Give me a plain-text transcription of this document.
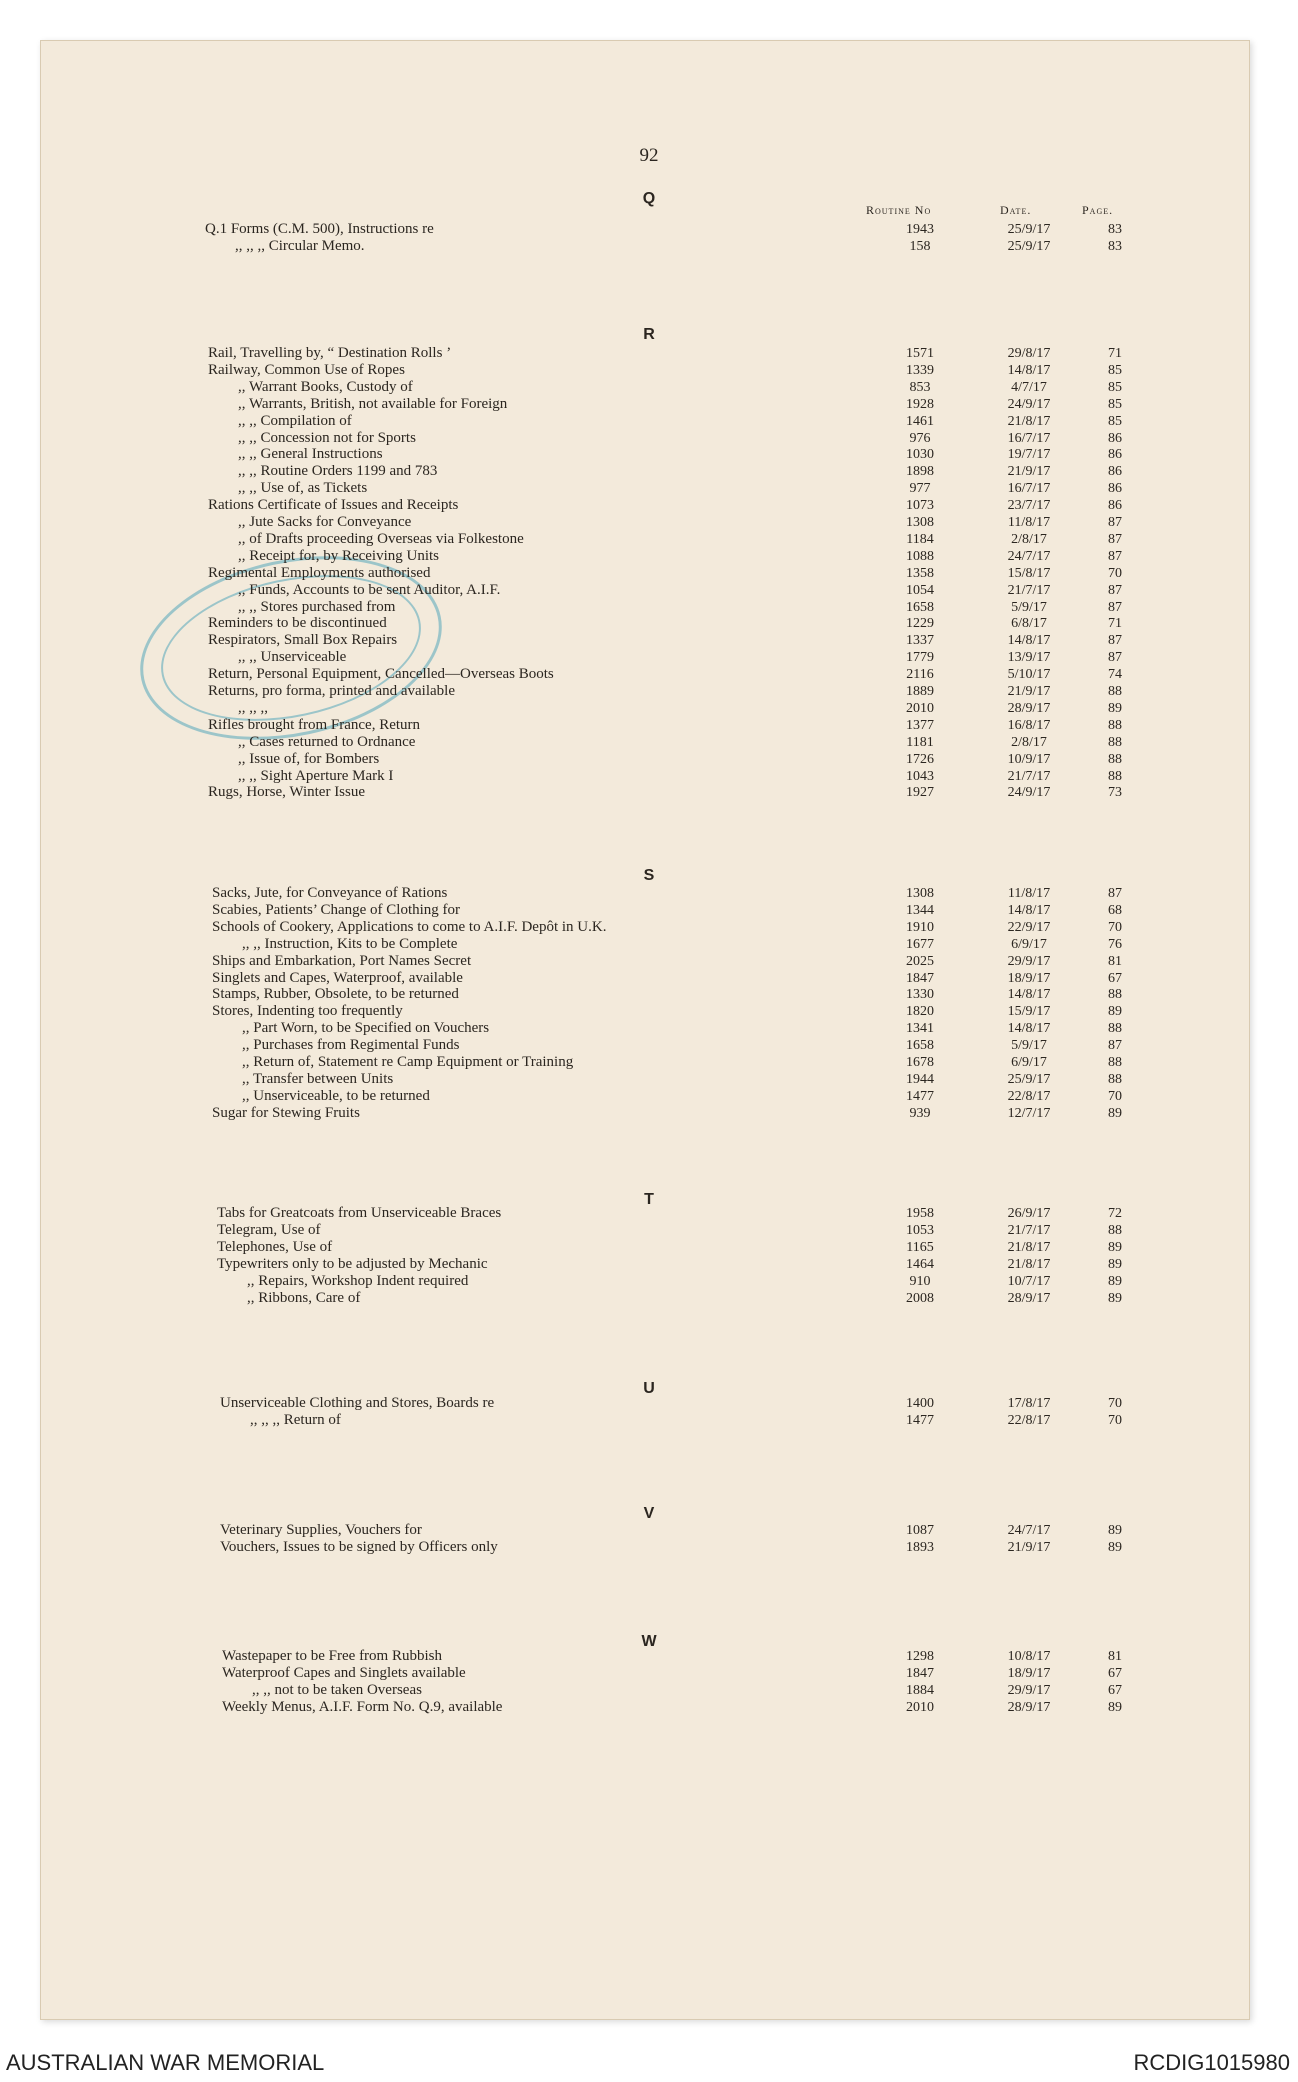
92
Routine No	Date.	Page.
Q
Q.1 Forms (C.M. 500), Instructions re	1943	25/9/17	83
,, ,, ,, Circular Memo.	158	25/9/17	83
R
Rail, Travelling by, “ Destination Rolls ’	1571	29/8/17	71
Railway, Common Use of Ropes	1339	14/8/17	85
,, Warrant Books, Custody of	853	4/7/17	85
,, Warrants, British, not available for Foreign	1928	24/9/17	85
,, ,, Compilation of	1461	21/8/17	85
,, ,, Concession not for Sports	976	16/7/17	86
,, ,, General Instructions	1030	19/7/17	86
,, ,, Routine Orders 1199 and 783	1898	21/9/17	86
,, ,, Use of, as Tickets	977	16/7/17	86
Rations Certificate of Issues and Receipts	1073	23/7/17	86
,, Jute Sacks for Conveyance	1308	11/8/17	87
,, of Drafts proceeding Overseas via Folkestone	1184	2/8/17	87
,, Receipt for, by Receiving Units	1088	24/7/17	87
Regimental Employments authorised	1358	15/8/17	70
,, Funds, Accounts to be sent Auditor, A.I.F.	1054	21/7/17	87
,, ,, Stores purchased from	1658	5/9/17	87
Reminders to be discontinued	1229	6/8/17	71
Respirators, Small Box Repairs	1337	14/8/17	87
,, ,, Unserviceable	1779	13/9/17	87
Return, Personal Equipment, Cancelled—Overseas Boots	2116	5/10/17	74
Returns, pro forma, printed and available	1889	21/9/17	88
,, ,, ,,	2010	28/9/17	89
Rifles brought from France, Return	1377	16/8/17	88
,, Cases returned to Ordnance	1181	2/8/17	88
,, Issue of, for Bombers	1726	10/9/17	88
,, ,, Sight Aperture Mark I	1043	21/7/17	88
Rugs, Horse, Winter Issue	1927	24/9/17	73
S
Sacks, Jute, for Conveyance of Rations	1308	11/8/17	87
Scabies, Patients’ Change of Clothing for	1344	14/8/17	68
Schools of Cookery, Applications to come to A.I.F. Depôt in U.K.	1910	22/9/17	70
,, ,, Instruction, Kits to be Complete	1677	6/9/17	76
Ships and Embarkation, Port Names Secret	2025	29/9/17	81
Singlets and Capes, Waterproof, available	1847	18/9/17	67
Stamps, Rubber, Obsolete, to be returned	1330	14/8/17	88
Stores, Indenting too frequently	1820	15/9/17	89
,, Part Worn, to be Specified on Vouchers	1341	14/8/17	88
,, Purchases from Regimental Funds	1658	5/9/17	87
,, Return of, Statement re Camp Equipment or Training	1678	6/9/17	88
,, Transfer between Units	1944	25/9/17	88
,, Unserviceable, to be returned	1477	22/8/17	70
Sugar for Stewing Fruits	939	12/7/17	89
T
Tabs for Greatcoats from Unserviceable Braces	1958	26/9/17	72
Telegram, Use of	1053	21/7/17	88
Telephones, Use of	1165	21/8/17	89
Typewriters only to be adjusted by Mechanic	1464	21/8/17	89
,, Repairs, Workshop Indent required	910	10/7/17	89
,, Ribbons, Care of	2008	28/9/17	89
U
Unserviceable Clothing and Stores, Boards re	1400	17/8/17	70
,, ,, ,, Return of	1477	22/8/17	70
V
Veterinary Supplies, Vouchers for	1087	24/7/17	89
Vouchers, Issues to be signed by Officers only	1893	21/9/17	89
W
Wastepaper to be Free from Rubbish	1298	10/8/17	81
Waterproof Capes and Singlets available	1847	18/9/17	67
,, ,, not to be taken Overseas	1884	29/9/17	67
Weekly Menus, A.I.F. Form No. Q.9, available	2010	28/9/17	89
AUSTRALIAN WAR MEMORIAL	RCDIG1015980
